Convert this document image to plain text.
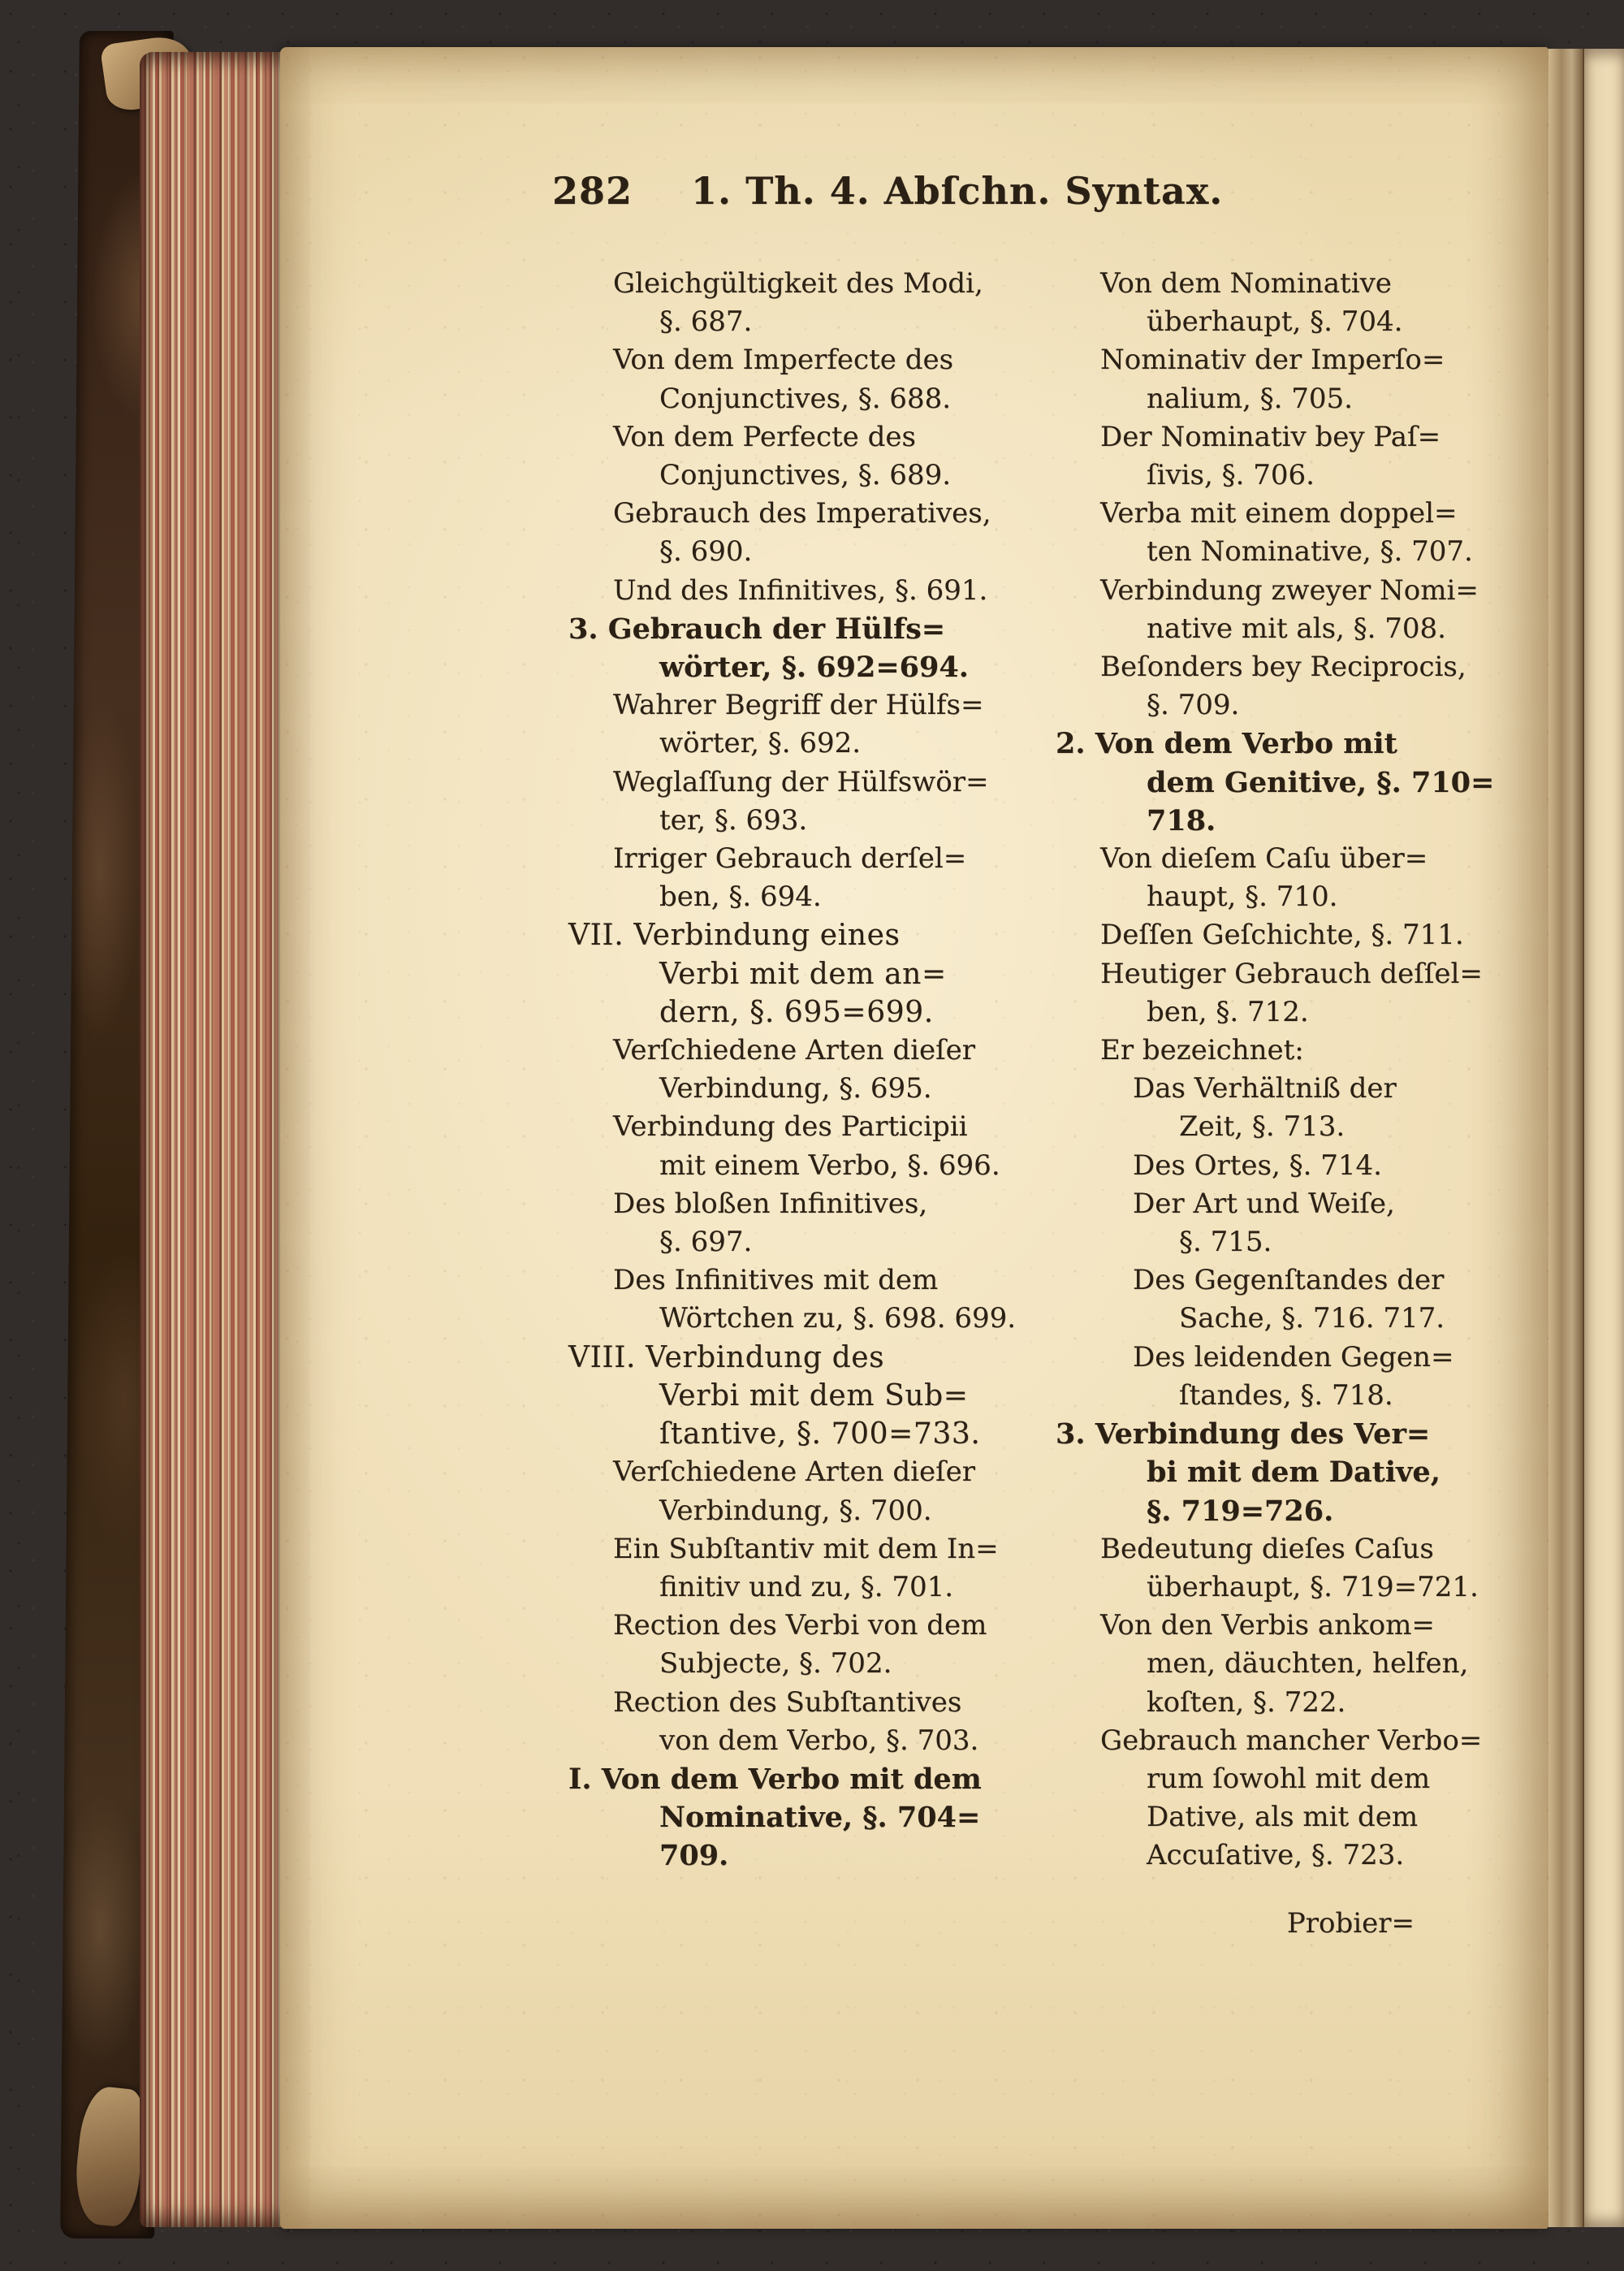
282 1. Th. 4. Abſchn. Syntax.

Gleichgültigkeit des Modi,
§. 687.

Von dem Imperfecte des
Conjunctives, §. 688.

Von dem Perfecte des
Conjunctives, §. 689.

Gebrauch des Imperatives,
§. 690.

Und des Infinitives, §. 691.

3. Gebrauch der Hülfs=
wörter, §. 692=694.

Wahrer Begriff der Hülfs=
wörter, §. 692.

Weglaſſung der Hülfswör=
ter, §. 693.

Irriger Gebrauch derſel=
ben, §. 694.

VII. Verbindung eines
Verbi mit dem an=
dern, §. 695=699.

Verſchiedene Arten dieſer
Verbindung, §. 695.

Verbindung des Participii
mit einem Verbo, §. 696.

Des bloßen Infinitives,
§. 697.

Des Infinitives mit dem
Wörtchen zu, §. 698. 699.

VIII. Verbindung des
Verbi mit dem Sub=
ſtantive, §. 700=733.

Verſchiedene Arten dieſer
Verbindung, §. 700.

Ein Subſtantiv mit dem In=
finitiv und zu, §. 701.

Rection des Verbi von dem
Subjecte, §. 702.

Rection des Subſtantives
von dem Verbo, §. 703.

I. Von dem Verbo mit dem
Nominative, §. 704=
709.

Von dem Nominative
überhaupt, §. 704.

Nominativ der Imperſo=
nalium, §. 705.

Der Nominativ bey Paſ=
ſivis, §. 706.

Verba mit einem doppel=
ten Nominative, §. 707.

Verbindung zweyer Nomi=
native mit als, §. 708.

Beſonders bey Reciprocis,
§. 709.

2. Von dem Verbo mit
dem Genitive, §. 710=
718.

Von dieſem Caſu über=
haupt, §. 710.

Deſſen Geſchichte, §. 711.

Heutiger Gebrauch deſſel=
ben, §. 712.

Er bezeichnet:

Das Verhältniß der
Zeit, §. 713.

Des Ortes, §. 714.

Der Art und Weiſe,
§. 715.

Des Gegenſtandes der
Sache, §. 716. 717.

Des leidenden Gegen=
ſtandes, §. 718.

3. Verbindung des Ver=
bi mit dem Dative,
§. 719=726.

Bedeutung dieſes Caſus
überhaupt, §. 719=721.

Von den Verbis ankom=
men, däuchten, helfen,
koſten, §. 722.

Gebrauch mancher Verbo=
rum ſowohl mit dem
Dative, als mit dem
Accuſative, §. 723.

Probier=
